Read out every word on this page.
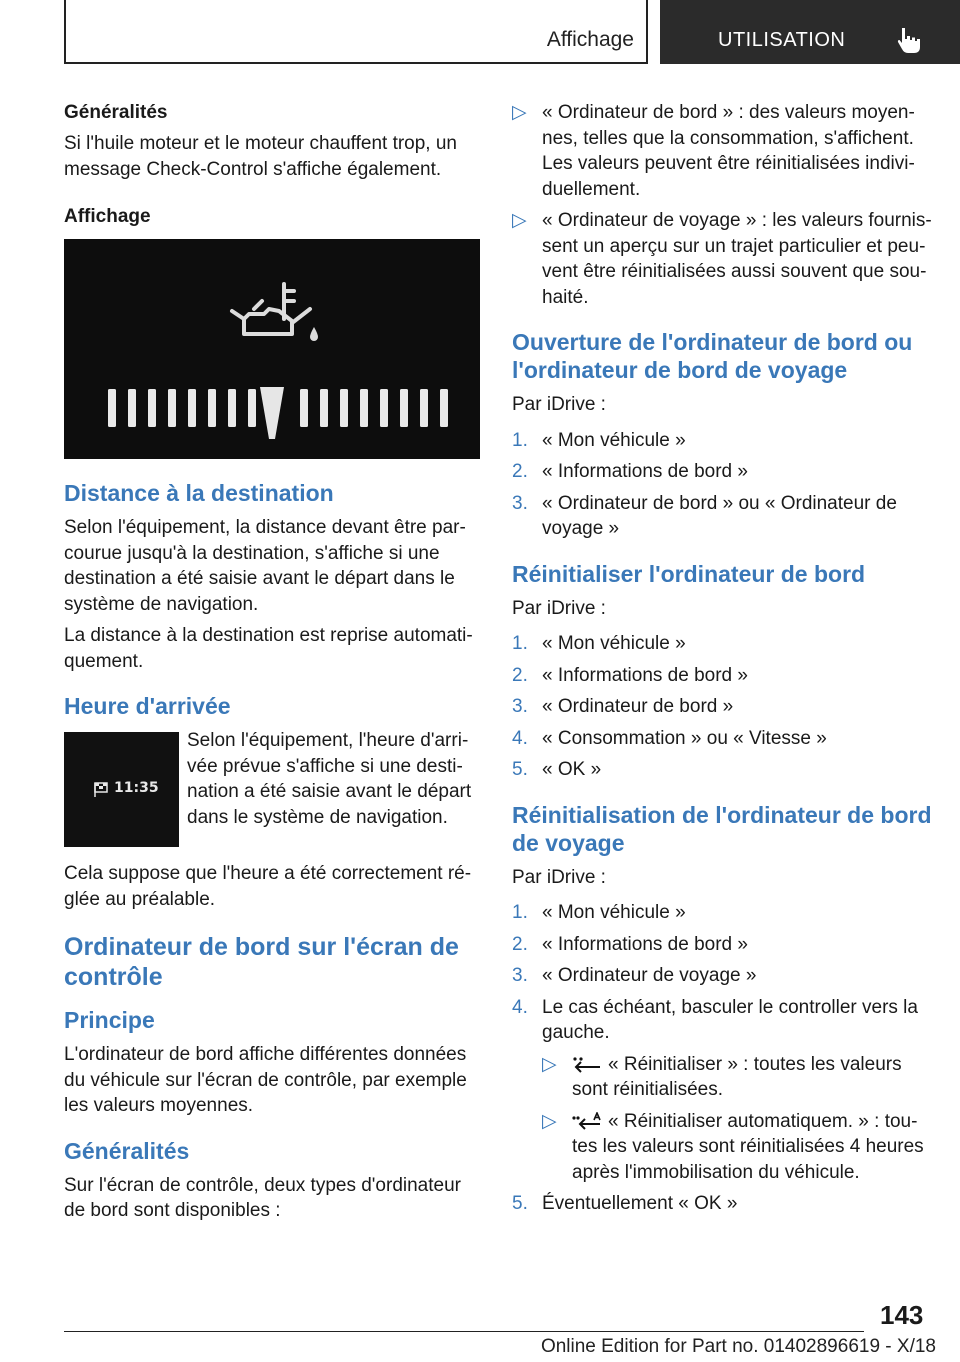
Affichage	UTILISATION
Généralités

Si l'huile moteur et le moteur chauffent trop, un message Check-Control s'affiche également.

Affichage
Distance à la destination

Selon l'équipement, la distance devant être parcourue jusqu'à la destination, s'affiche si une destination a été saisie avant le départ dans le système de navigation.

La distance à la destination est reprise automatiquement.

Heure d'arrivée
11:35

Selon l'équipement, l'heure d'arrivée prévue s'affiche si une destination a été saisie avant le départ dans le système de navigation.

Cela suppose que l'heure a été correctement réglée au préalable.

Ordinateur de bord sur l'écran de contrôle
Principe

L'ordinateur de bord affiche différentes données du véhicule sur l'écran de contrôle, par exemple les valeurs moyennes.

Généralités

Sur l'écran de contrôle, deux types d'ordinateur de bord sont disponibles :

▷ « Ordinateur de bord » : des valeurs moyennes, telles que la consommation, s'affichent. Les valeurs peuvent être réinitialisées individuellement.
▷ « Ordinateur de voyage » : les valeurs fournissent un aperçu sur un trajet particulier et peuvent être réinitialisées aussi souvent que souhaité.
Ouverture de l'ordinateur de bord ou l'ordinateur de bord de voyage

Par iDrive :

1. « Mon véhicule »
2. « Informations de bord »
3. « Ordinateur de bord » ou « Ordinateur de voyage »
Réinitialiser l'ordinateur de bord

Par iDrive :

1. « Mon véhicule »
2. « Informations de bord »
3. « Ordinateur de bord »
4. « Consommation » ou « Vitesse »
5. « OK »
Réinitialisation de l'ordinateur de bord de voyage

Par iDrive :

1. « Mon véhicule »
2. « Informations de bord »
3. « Ordinateur de voyage »
4. Le cas échéant, basculer le controller vers la gauche.
▷	« Réinitialiser » : toutes les valeurs sont réinitialisées.
▷	« Réinitialiser automatiquem. » : toutes les valeurs sont réinitialisées 4 heures après l'immobilisation du véhicule.
5. Éventuellement « OK »
143
Online Edition for Part no. 01402896619 - X/18
